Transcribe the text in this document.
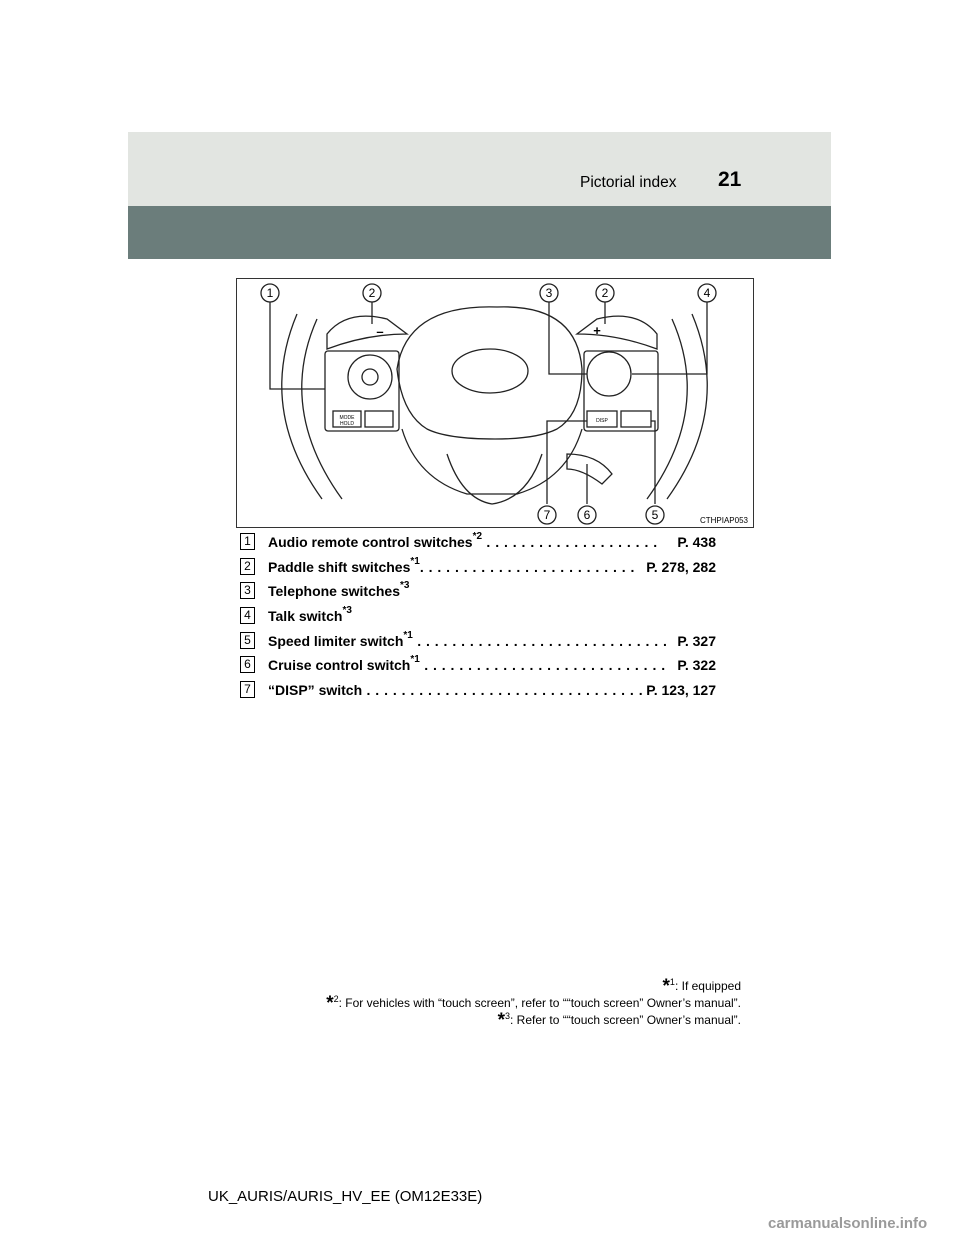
Pictorial index 21
1	2	3	2	4
7	6	5
MODE
HOLD	DISP
–	+
CTHPIAP053
1 Audio remote control switches$^{*2}$ . . . . . . . . . . . . . . . . . . . . P. 438
2 Paddle shift switches$^{*1}$. . . . . . . . . . . . . . . . . . . . . . . . . P. 278, 282
3 Telephone switches$^{*3}$
4 Talk switch$^{*3}$
5 Speed limiter switch$^{*1}$ . . . . . . . . . . . . . . . . . . . . . . . . . . . . . P. 327
6 Cruise control switch$^{*1}$ . . . . . . . . . . . . . . . . . . . . . . . . . . . . P. 322
7 “DISP” switch . . . . . . . . . . . . . . . . . . . . . . . . . . . . . . . . P. 123, 127
*$^1$: If equipped
*$^2$: For vehicles with “touch screen”, refer to ““touch screen” Owner’s manual”.
*$^3$: Refer to ““touch screen” Owner’s manual”.
UK_AURIS/AURIS_HV_EE (OM12E33E)
carmanualsonline.info
